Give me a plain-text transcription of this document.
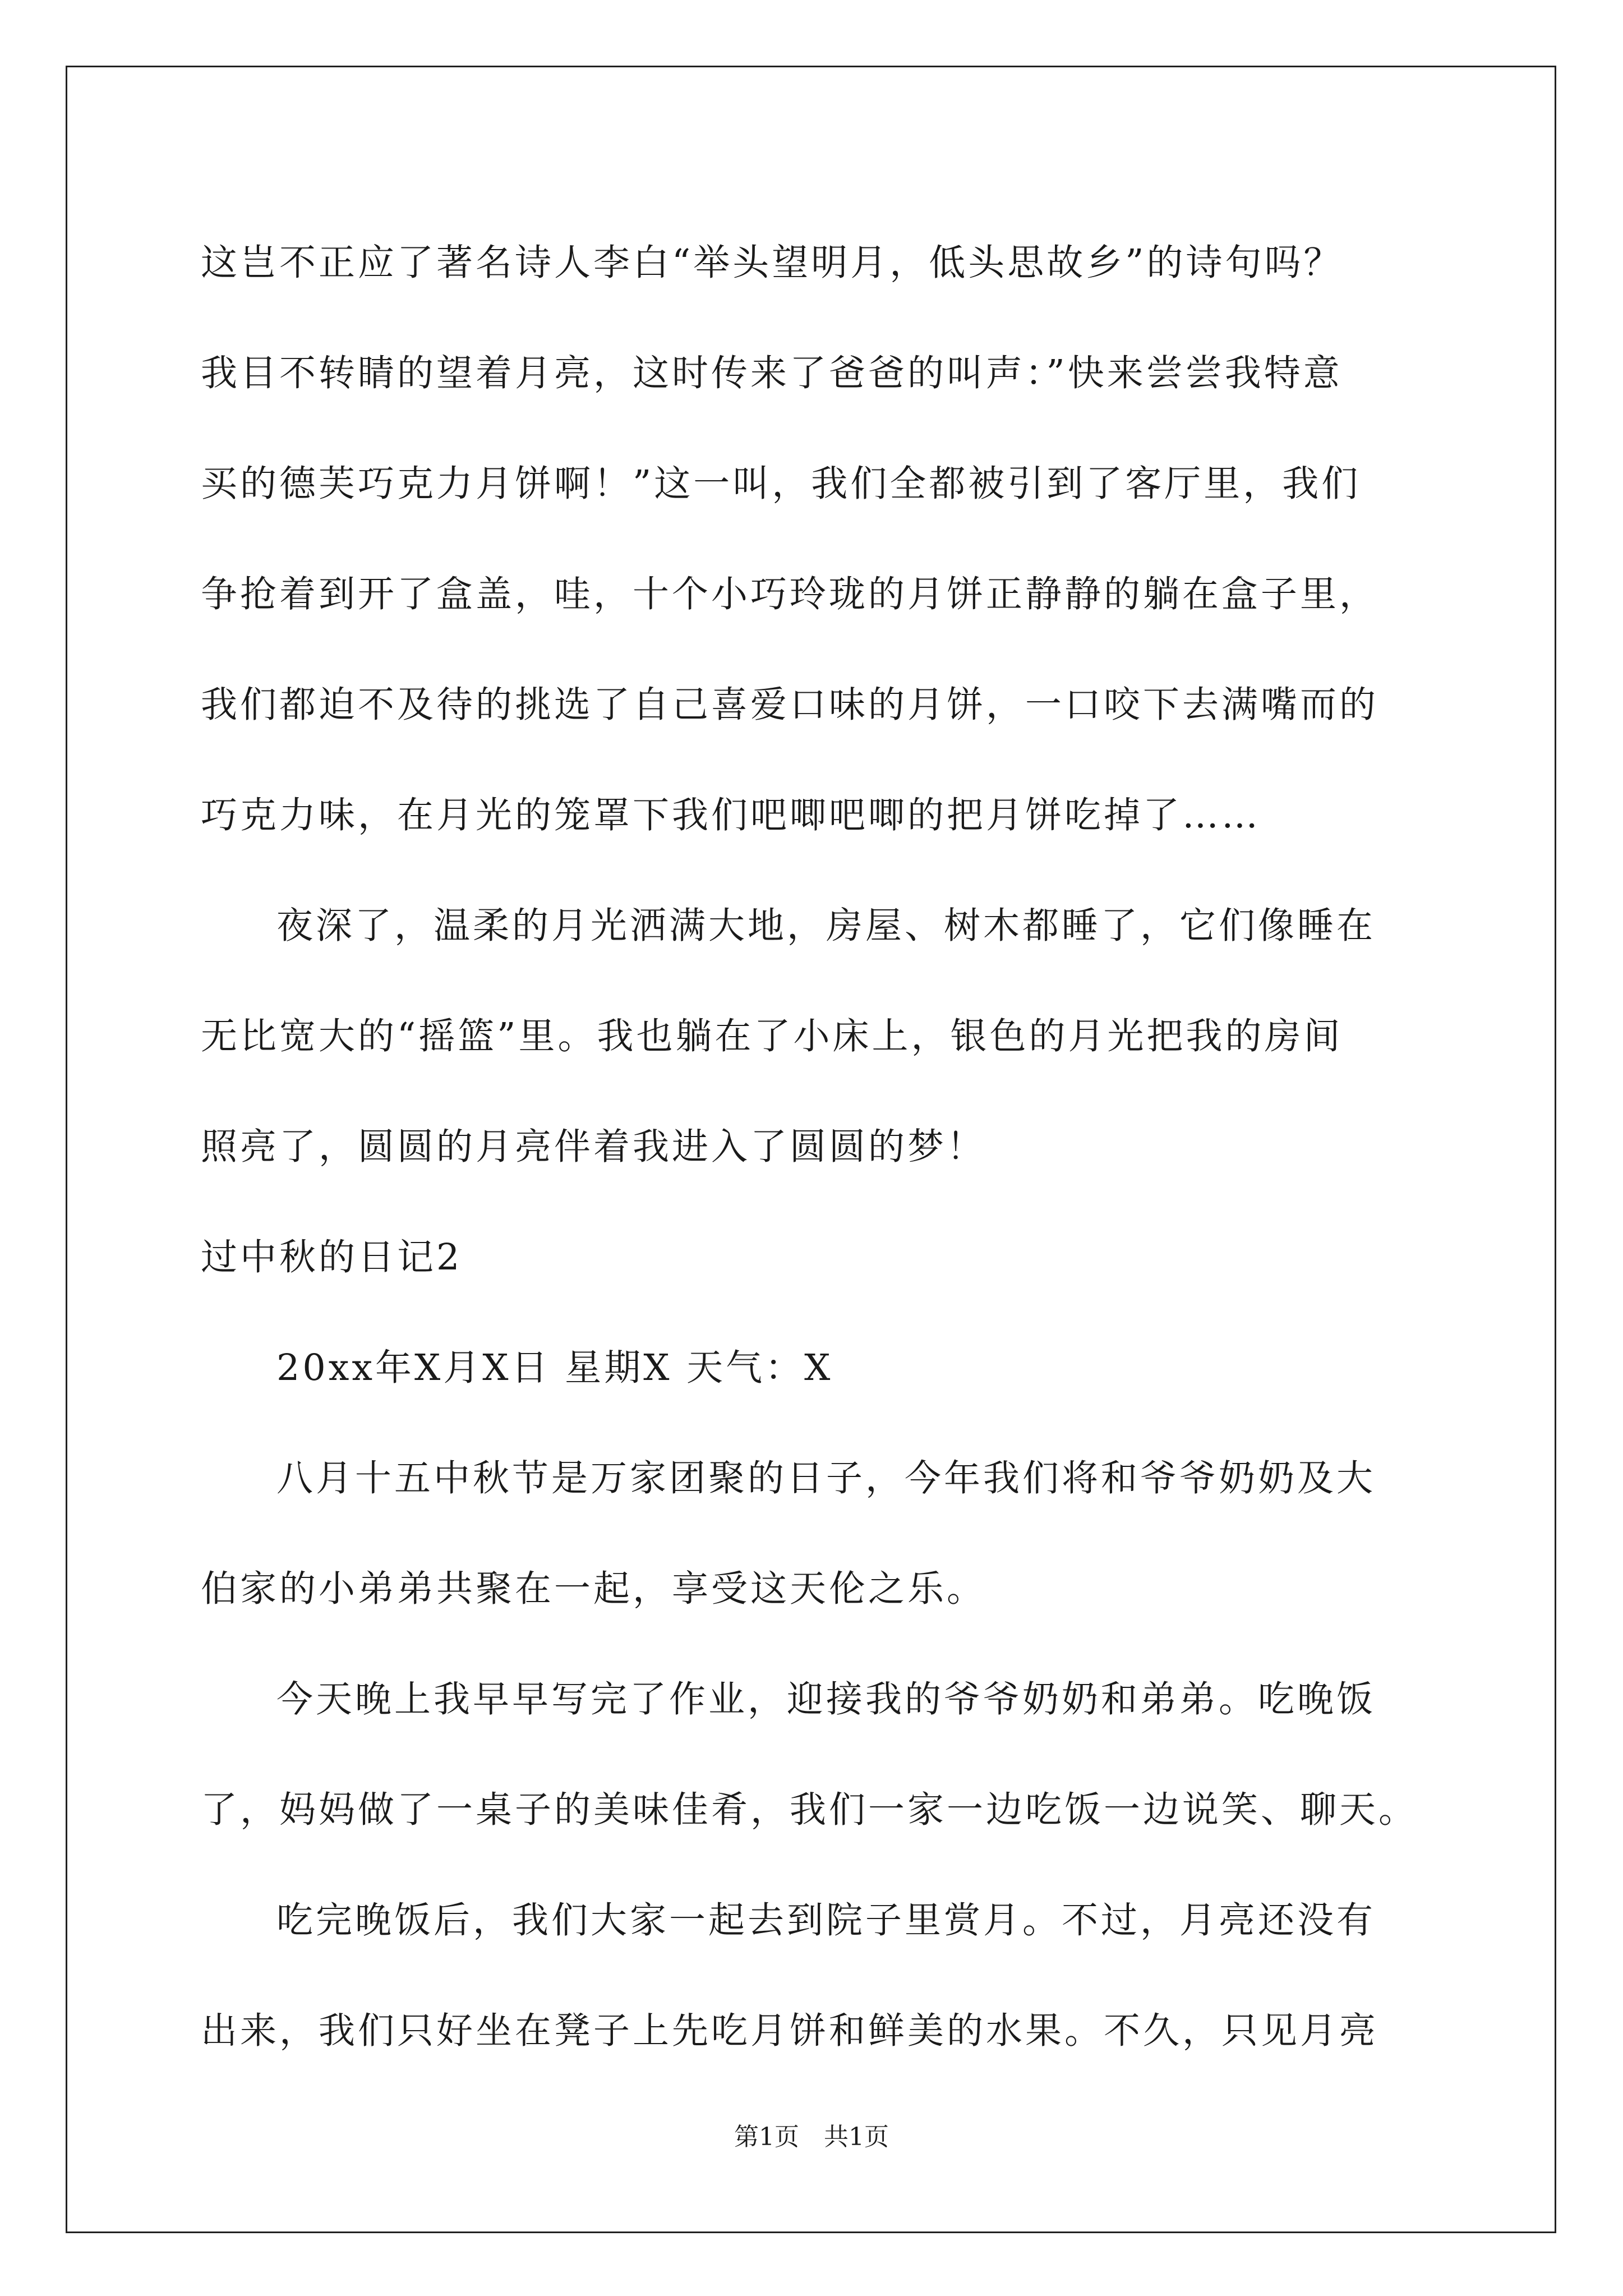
这岂不正应了著名诗人李白“举头望明月，低头思故乡”的诗句吗？
我目不转睛的望着月亮，这时传来了爸爸的叫声：”快来尝尝我特意
买的德芙巧克力月饼啊！”这一叫，我们全都被引到了客厅里，我们
争抢着到开了盒盖，哇，十个小巧玲珑的月饼正静静的躺在盒子里，
我们都迫不及待的挑选了自己喜爱口味的月饼，一口咬下去满嘴而的
巧克力味，在月光的笼罩下我们吧唧吧唧的把月饼吃掉了……
夜深了，温柔的月光洒满大地，房屋、树木都睡了，它们像睡在
无比宽大的“摇篮”里。我也躺在了小床上，银色的月光把我的房间
照亮了，圆圆的月亮伴着我进入了圆圆的梦！
过中秋的日记2
20xx年X月X日 星期X 天气：X
八月十五中秋节是万家团聚的日子，今年我们将和爷爷奶奶及大
伯家的小弟弟共聚在一起，享受这天伦之乐。
今天晚上我早早写完了作业，迎接我的爷爷奶奶和弟弟。吃晚饭
了，妈妈做了一桌子的美味佳肴，我们一家一边吃饭一边说笑、聊天。
吃完晚饭后，我们大家一起去到院子里赏月。不过，月亮还没有
出来，我们只好坐在凳子上先吃月饼和鲜美的水果。不久，只见月亮
第1页　共1页
